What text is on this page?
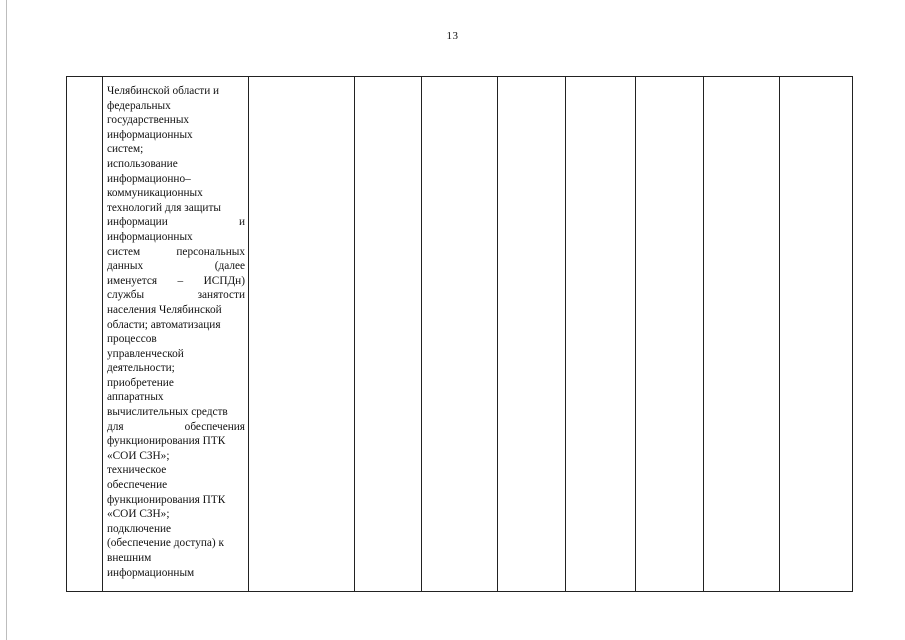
13

Челябинской области и
федеральных
государственных
информационных
систем;
использование
информационно–
коммуникационных
технологий для защиты
информации	и
информационных
систем	персональных
данных	(далее
именуется – ИСПДн)
службы	занятости
населения Челябинской
области; автоматизация
процессов
управленческой
деятельности;
приобретение
аппаратных
вычислительных средств
для	обеспечения
функционирования ПТК
«СОИ СЗН»;
техническое
обеспечение
функционирования ПТК
«СОИ СЗН»;
подключение
(обеспечение доступа) к
внешним
информационным
